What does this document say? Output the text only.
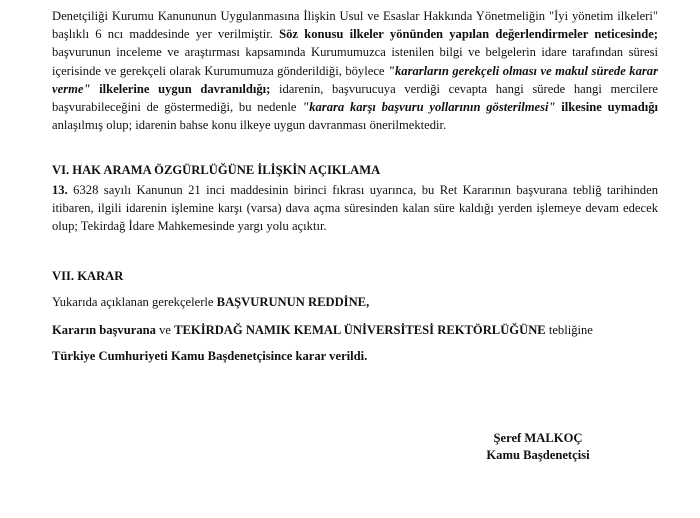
Denetçiliği Kurumu Kanununun Uygulanmasına İlişkin Usul ve Esaslar Hakkında Yönetmeliğin "İyi yönetim ilkeleri" başlıklı 6 ncı maddesinde yer verilmiştir. Söz konusu ilkeler yönünden yapılan değerlendirmeler neticesinde; başvurunun inceleme ve araştırması kapsamında Kurumumuzca istenilen bilgi ve belgelerin idare tarafından süresi içerisinde ve gerekçeli olarak Kurumumuza gönderildiği, böylece "kararların gerekçeli olması ve makul sürede karar verme" ilkelerine uygun davranıldığı; idarenin, başvurucuya verdiği cevapta hangi sürede hangi mercilere başvurabileceğini de göstermediği, bu nedenle "karara karşı başvuru yollarının gösterilmesi" ilkesine uymadığı anlaşılmış olup; idarenin bahse konu ilkeye uygun davranması önerilmektedir.

VI. HAK ARAMA ÖZGÜRLÜĞÜNE İLİŞKİN AÇIKLAMA

13. 6328 sayılı Kanunun 21 inci maddesinin birinci fıkrası uyarınca, bu Ret Kararının başvurana tebliğ tarihinden itibaren, ilgili idarenin işlemine karşı (varsa) dava açma süresinden kalan süre kaldığı yerden işlemeye devam edecek olup; Tekirdağ İdare Mahkemesinde yargı yolu açıktır.

VII. KARAR

Yukarıda açıklanan gerekçelerle BAŞVURUNUN REDDİNE,

Kararın başvurana ve TEKİRDAĞ NAMIK KEMAL ÜNİVERSİTESİ REKTÖRLÜĞÜNE tebliğine

Türkiye Cumhuriyeti Kamu Başdenetçisince karar verildi.

Şeref MALKOÇ
Kamu Başdenetçisi
